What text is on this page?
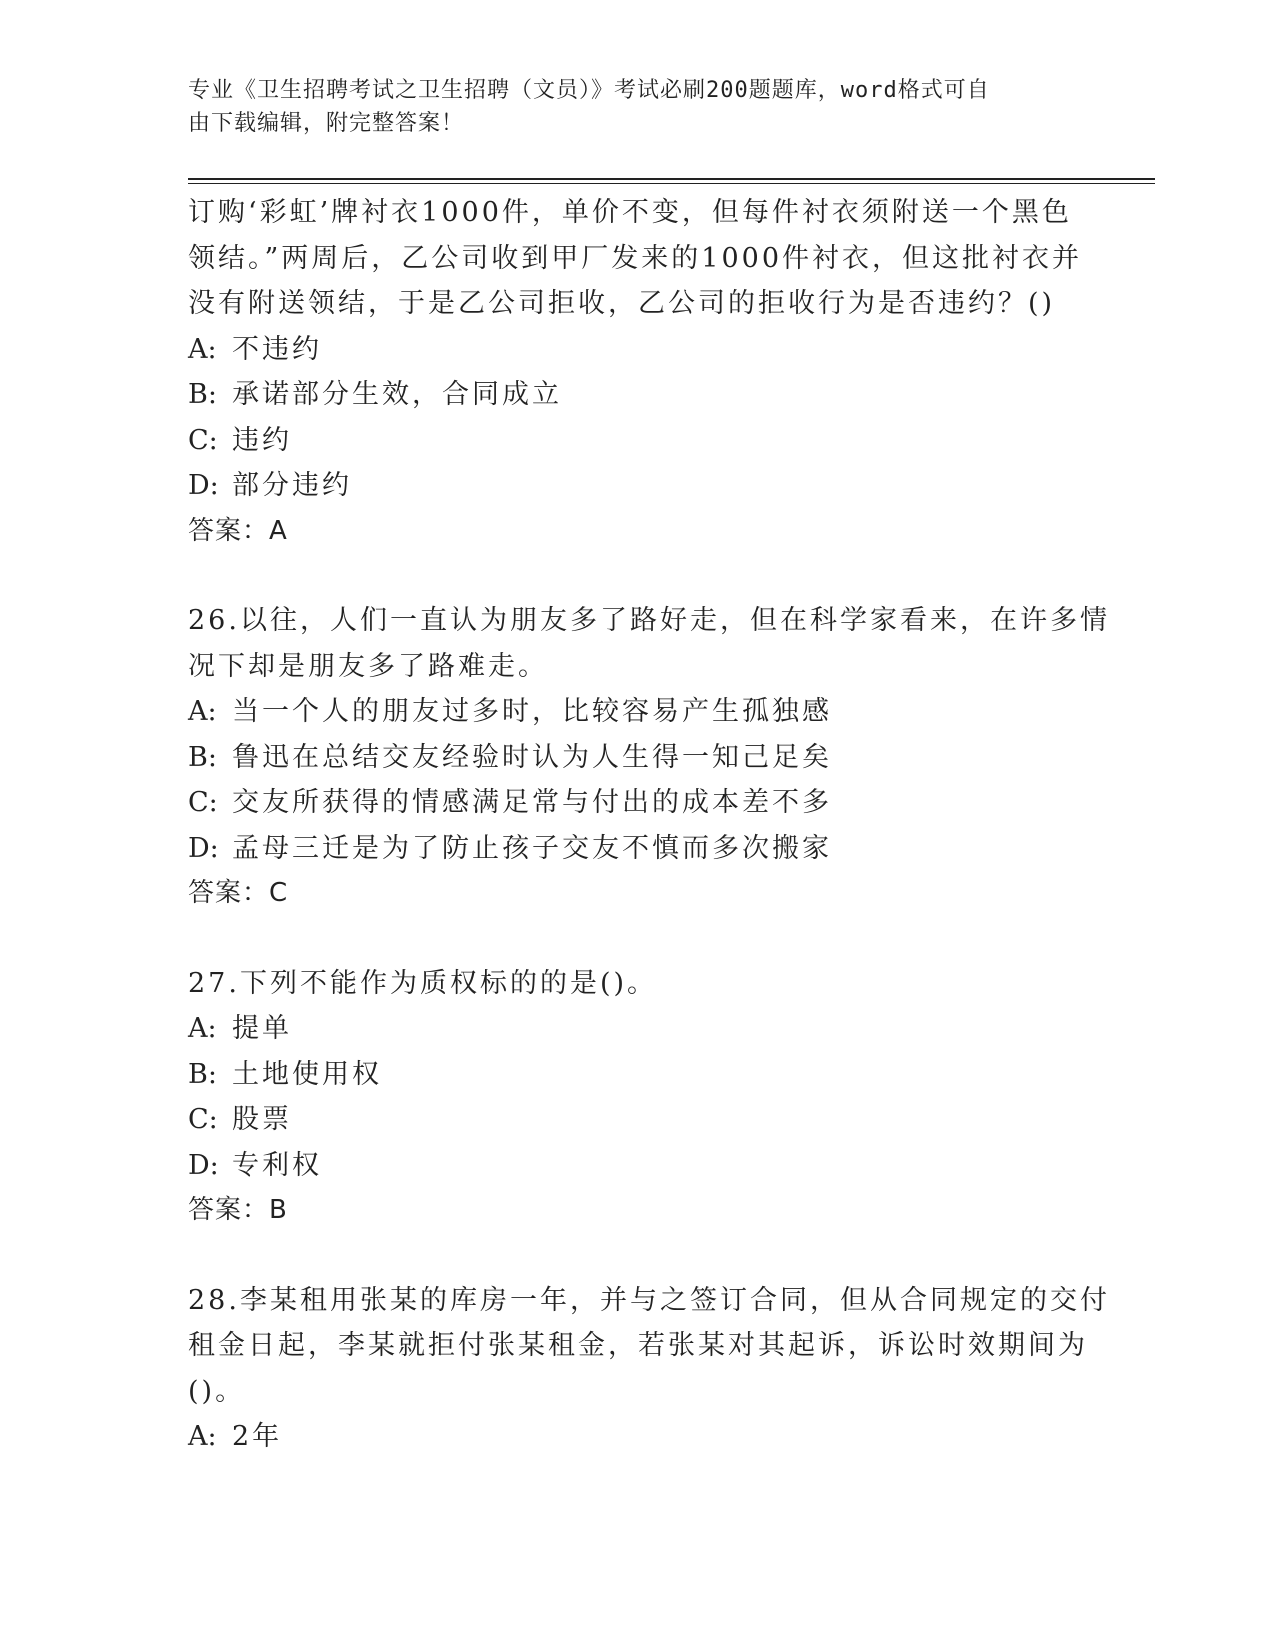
专业《卫生招聘考试之卫生招聘（文员）》考试必刷200题题库，word格式可自
由下载编辑，附完整答案！
订购‘彩虹’牌衬衣1000件，单价不变，但每件衬衣须附送一个黑色
领结。”两周后，乙公司收到甲厂发来的1000件衬衣，但这批衬衣并
没有附送领结，于是乙公司拒收，乙公司的拒收行为是否违约？()
A: 不违约
B: 承诺部分生效，合同成立
C: 违约
D: 部分违约
答案：A
26.以往，人们一直认为朋友多了路好走，但在科学家看来，在许多情
况下却是朋友多了路难走。
A: 当一个人的朋友过多时，比较容易产生孤独感
B: 鲁迅在总结交友经验时认为人生得一知己足矣
C: 交友所获得的情感满足常与付出的成本差不多
D: 孟母三迁是为了防止孩子交友不慎而多次搬家
答案：C
27.下列不能作为质权标的的是()。
A: 提单
B: 土地使用权
C: 股票
D: 专利权
答案：B
28.李某租用张某的库房一年，并与之签订合同，但从合同规定的交付
租金日起，李某就拒付张某租金，若张某对其起诉，诉讼时效期间为
()。
A: 2年
